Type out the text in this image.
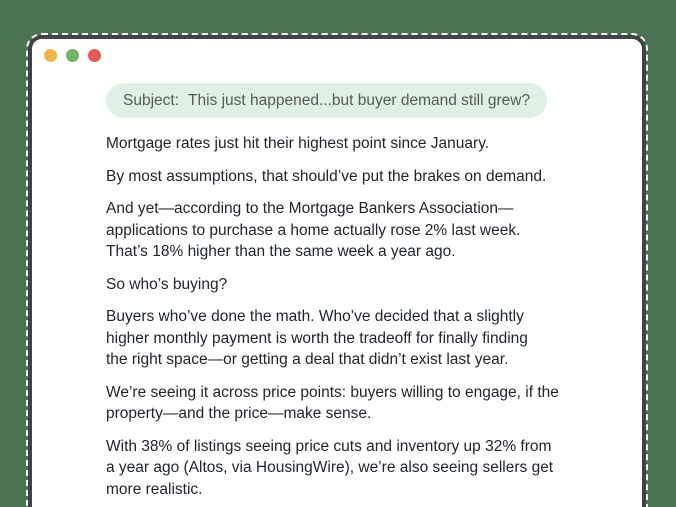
Subject: This just happened...but buyer demand still grew?
Mortgage rates just hit their highest point since January.
By most assumptions, that should’ve put the brakes on demand.
And yet—according to the Mortgage Bankers Association—
applications to purchase a home actually rose 2% last week.
That’s 18% higher than the same week a year ago.
So who’s buying?
Buyers who’ve done the math. Who’ve decided that a slightly
higher monthly payment is worth the tradeoff for finally finding
the right space—or getting a deal that didn’t exist last year.
We’re seeing it across price points: buyers willing to engage, if the
property—and the price—make sense.
With 38% of listings seeing price cuts and inventory up 32% from
a year ago (Altos, via HousingWire), we’re also seeing sellers get
more realistic.
